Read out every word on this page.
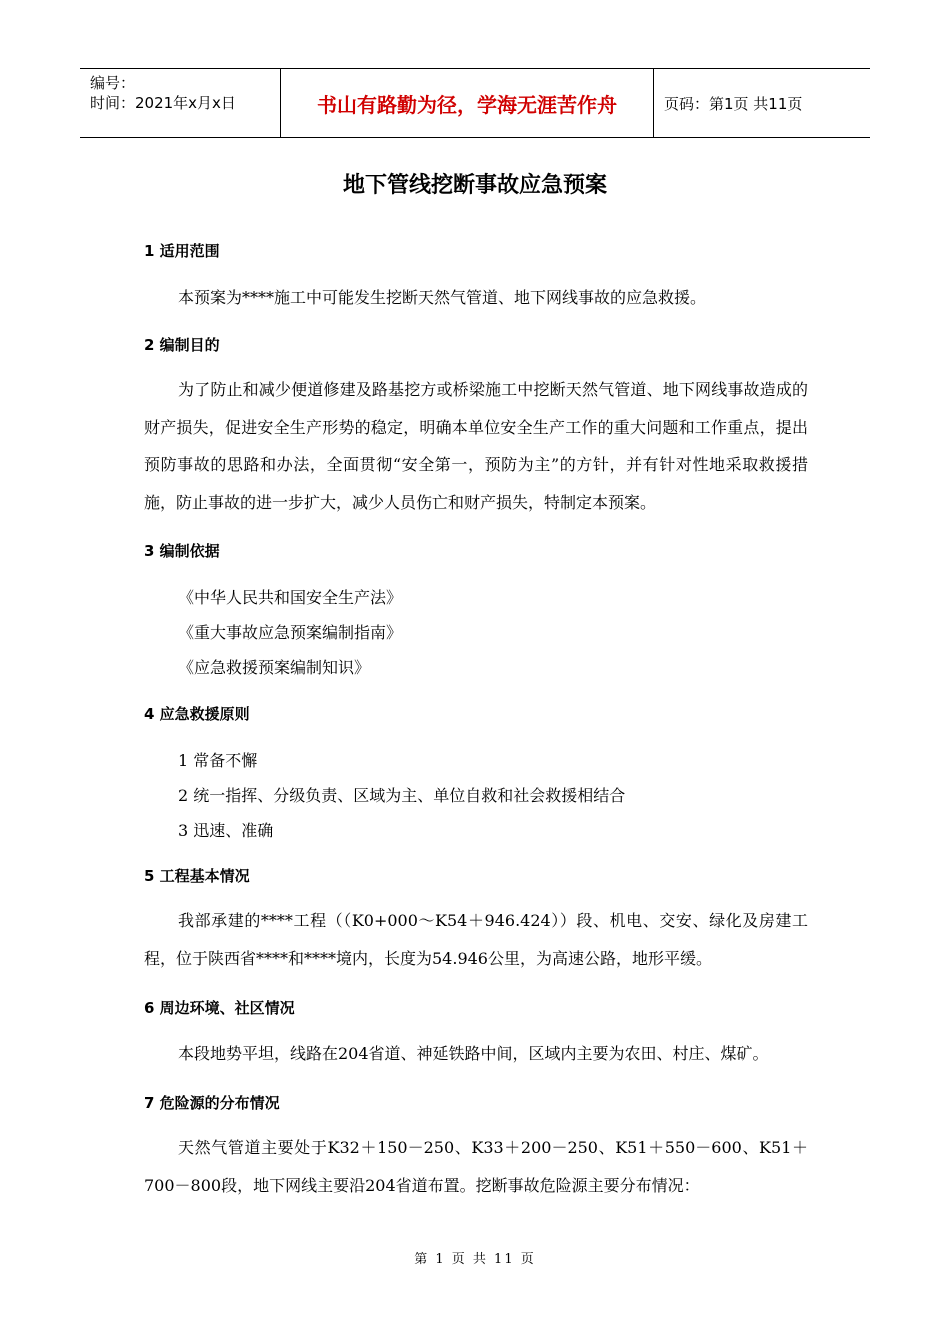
编号：
时间：2021年x月x日	书山有路勤为径，学海无涯苦作舟	页码：第1页 共11页
地下管线挖断事故应急预案
1 适用范围
本预案为****施工中可能发生挖断天然气管道、地下网线事故的应急救援。
2 编制目的
为了防止和减少便道修建及路基挖方或桥梁施工中挖断天然气管道、地下网线事故造成的财产损失，促进安全生产形势的稳定，明确本单位安全生产工作的重大问题和工作重点，提出预防事故的思路和办法，全面贯彻“安全第一，预防为主”的方针，并有针对性地采取救援措施，防止事故的进一步扩大，减少人员伤亡和财产损失，特制定本预案。
3 编制依据
《中华人民共和国安全生产法》
《重大事故应急预案编制指南》
《应急救援预案编制知识》
4 应急救援原则
1 常备不懈
2 统一指挥、分级负责、区域为主、单位自救和社会救援相结合
3 迅速、准确
5 工程基本情况
我部承建的****工程（（K0+000～K54＋946.424））段、机电、交安、绿化及房建工程，位于陕西省****和****境内，长度为54.946公里，为高速公路，地形平缓。
6 周边环境、社区情况
本段地势平坦，线路在204省道、神延铁路中间，区域内主要为农田、村庄、煤矿。
7 危险源的分布情况
天然气管道主要处于K32＋150－250、K33＋200－250、K51＋550－600、K51＋700－800段，地下网线主要沿204省道布置。挖断事故危险源主要分布情况：
第 1 页 共 11 页
